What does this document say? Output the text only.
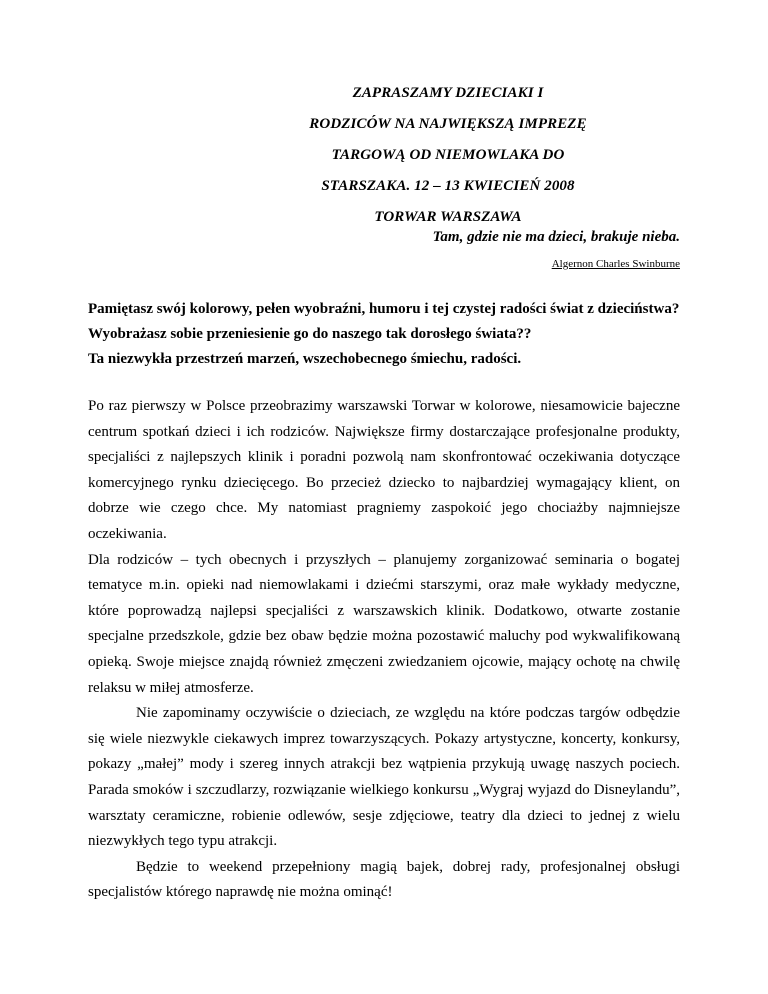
ZAPRASZAMY DZIECIAKI I
RODZICÓW NA NAJWIĘKSZĄ IMPREZĘ
TARGOWĄ OD NIEMOWLAKA DO
STARSZAKA. 12 – 13 KWIECIEŃ 2008
TORWAR WARSZAWA
Tam, gdzie nie ma dzieci, brakuje nieba.
Algernon Charles Swinburne

Pamiętasz swój kolorowy, pełen wyobraźni, humoru i tej czystej radości świat z dzieciństwa?

Wyobrażasz sobie przeniesienie go do naszego tak dorosłego świata??

Ta niezwykła przestrzeń marzeń, wszechobecnego śmiechu, radości.

Po raz pierwszy w Polsce przeobrazimy warszawski Torwar w kolorowe, niesamowicie bajeczne centrum spotkań dzieci i ich rodziców. Największe firmy dostarczające profesjonalne produkty, specjaliści z najlepszych klinik i poradni pozwolą nam skonfrontować oczekiwania dotyczące komercyjnego rynku dziecięcego. Bo przecież dziecko to najbardziej wymagający klient, on dobrze wie czego chce. My natomiast pragniemy zaspokoić jego chociażby najmniejsze oczekiwania.

Dla rodziców – tych obecnych i przyszłych – planujemy zorganizować seminaria o bogatej tematyce m.in. opieki nad niemowlakami i dziećmi starszymi, oraz małe wykłady medyczne, które poprowadzą najlepsi specjaliści z warszawskich klinik. Dodatkowo, otwarte zostanie specjalne przedszkole, gdzie bez obaw będzie można pozostawić maluchy pod wykwalifikowaną opieką. Swoje miejsce znajdą również zmęczeni zwiedzaniem ojcowie, mający ochotę na chwilę relaksu w miłej atmosferze.

Nie zapominamy oczywiście o dzieciach, ze względu na które podczas targów odbędzie się wiele niezwykle ciekawych imprez towarzyszących. Pokazy artystyczne, koncerty, konkursy, pokazy „małej” mody i szereg innych atrakcji bez wątpienia przykują uwagę naszych pociech. Parada smoków i szczudlarzy, rozwiązanie wielkiego konkursu „Wygraj wyjazd do Disneylandu”, warsztaty ceramiczne, robienie odlewów, sesje zdjęciowe, teatry dla dzieci to jednej z wielu niezwykłych tego typu atrakcji.

Będzie to weekend przepełniony magią bajek, dobrej rady, profesjonalnej obsługi specjalistów którego naprawdę nie można ominąć!
